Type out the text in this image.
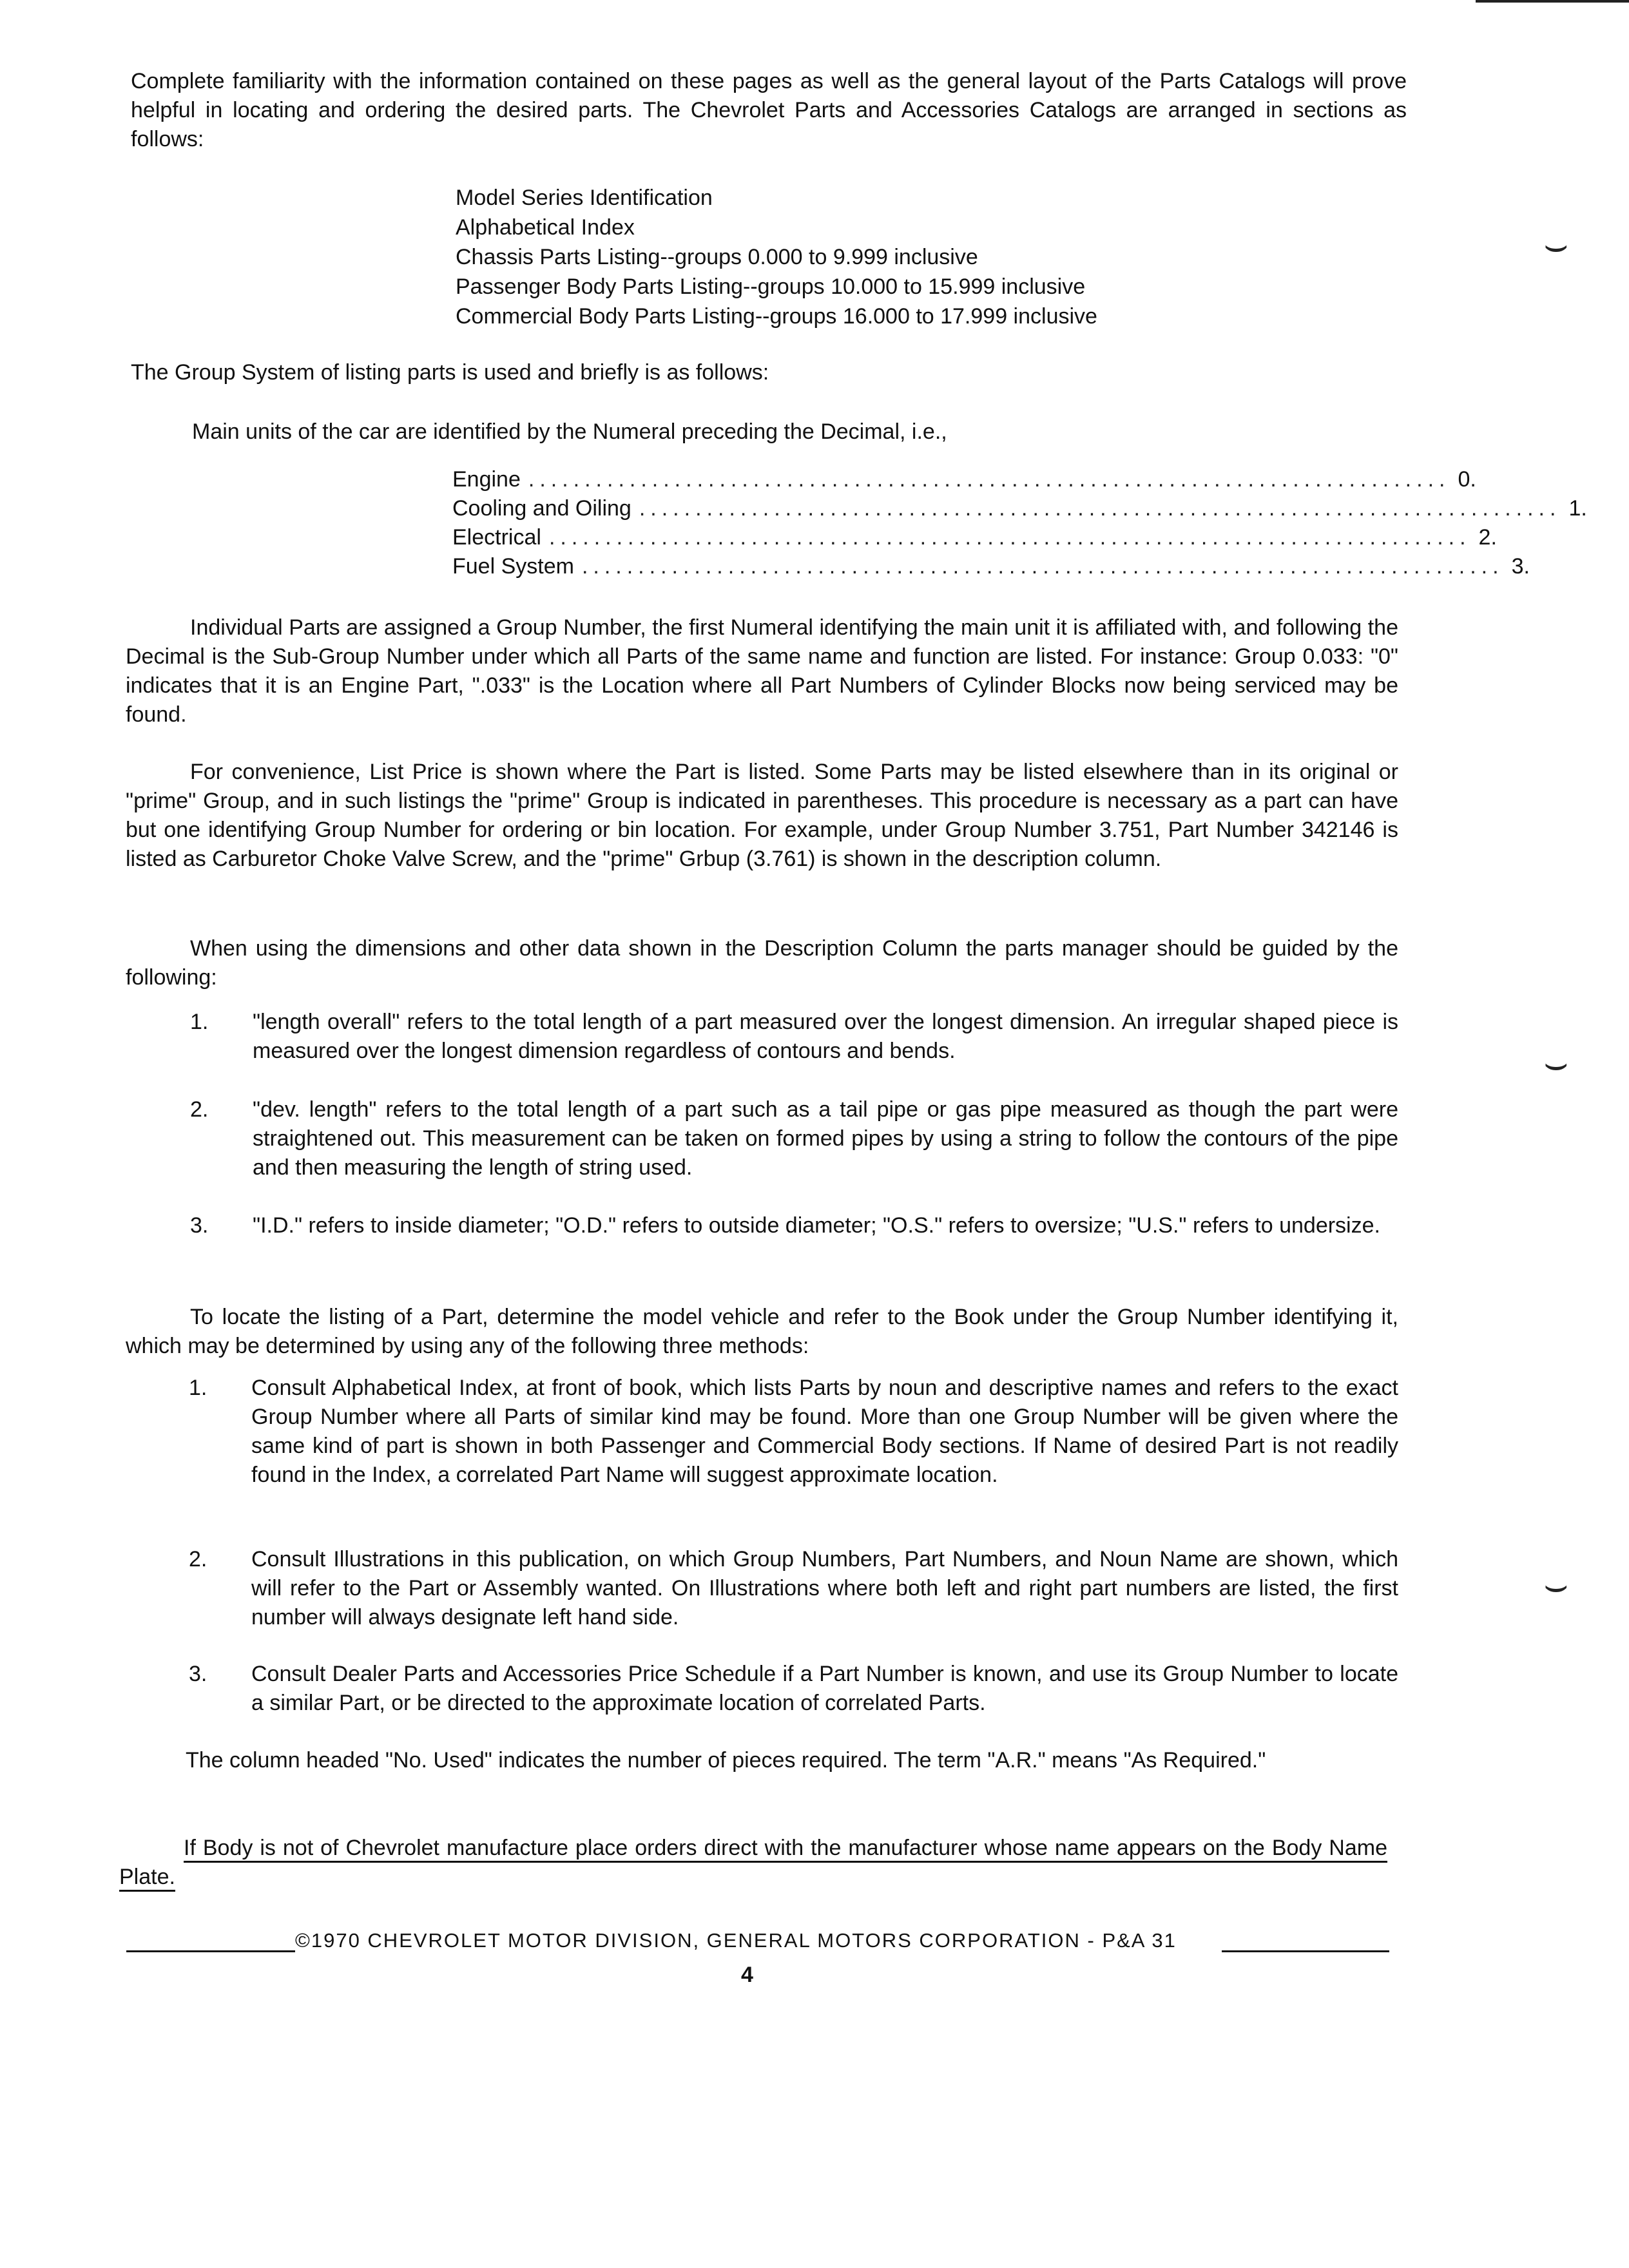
⌣
⌣
⌣

Complete familiarity with the information contained on these pages as well as the general layout of the Parts Catalogs will prove helpful in locating and ordering the desired parts. The Chevrolet Parts and Accessories Catalogs are arranged in sections as follows:

Model Series Identification
Alphabetical Index
Chassis Parts Listing--groups 0.000 to 9.999 inclusive
Passenger Body Parts Listing--groups 10.000 to 15.999 inclusive
Commercial Body Parts Listing--groups 16.000 to 17.999 inclusive

The Group System of listing parts is used and briefly is as follows:

Main units of the car are identified by the Numeral preceding the Decimal, i.e.,

Engine .................................................................................. 0.
Cooling and Oiling .................................................................................. 1.
Electrical .................................................................................. 2.
Fuel System .................................................................................. 3.

Individual Parts are assigned a Group Number, the first Numeral identifying the main unit it is affiliated with, and following the Decimal is the Sub-Group Number under which all Parts of the same name and function are listed. For instance: Group 0.033: "0" indicates that it is an Engine Part, ".033" is the Location where all Part Numbers of Cylinder Blocks now being serviced may be found.

For convenience, List Price is shown where the Part is listed. Some Parts may be listed elsewhere than in its original or "prime" Group, and in such listings the "prime" Group is indicated in parentheses. This procedure is necessary as a part can have but one identifying Group Number for ordering or bin location. For example, under Group Number 3.751, Part Number 342146 is listed as Carburetor Choke Valve Screw, and the "prime" Grbup (3.761) is shown in the description column.

When using the dimensions and other data shown in the Description Column the parts manager should be guided by the following:

1. "length overall" refers to the total length of a part measured over the longest dimension. An irregular shaped piece is measured over the longest dimension regardless of contours and bends.
2. "dev. length" refers to the total length of a part such as a tail pipe or gas pipe measured as though the part were straightened out. This measurement can be taken on formed pipes by using a string to follow the contours of the pipe and then measuring the length of string used.
3. "I.D." refers to inside diameter; "O.D." refers to outside diameter; "O.S." refers to oversize; "U.S." refers to undersize.

To locate the listing of a Part, determine the model vehicle and refer to the Book under the Group Number identifying it, which may be determined by using any of the following three methods:

1. Consult Alphabetical Index, at front of book, which lists Parts by noun and descriptive names and refers to the exact Group Number where all Parts of similar kind may be found. More than one Group Number will be given where the same kind of part is shown in both Passenger and Commercial Body sections. If Name of desired Part is not readily found in the Index, a correlated Part Name will suggest approximate location.
2. Consult Illustrations in this publication, on which Group Numbers, Part Numbers, and Noun Name are shown, which will refer to the Part or Assembly wanted. On Illustrations where both left and right part numbers are listed, the first number will always designate left hand side.
3. Consult Dealer Parts and Accessories Price Schedule if a Part Number is known, and use its Group Number to locate a similar Part, or be directed to the approximate location of correlated Parts.

The column headed "No. Used" indicates the number of pieces required. The term "A.R." means "As Required."

If Body is not of Chevrolet manufacture place orders direct with the manufacturer whose name appears on the Body Name Plate.
©1970 CHEVROLET MOTOR DIVISION, GENERAL MOTORS CORPORATION - P&A 31
4
